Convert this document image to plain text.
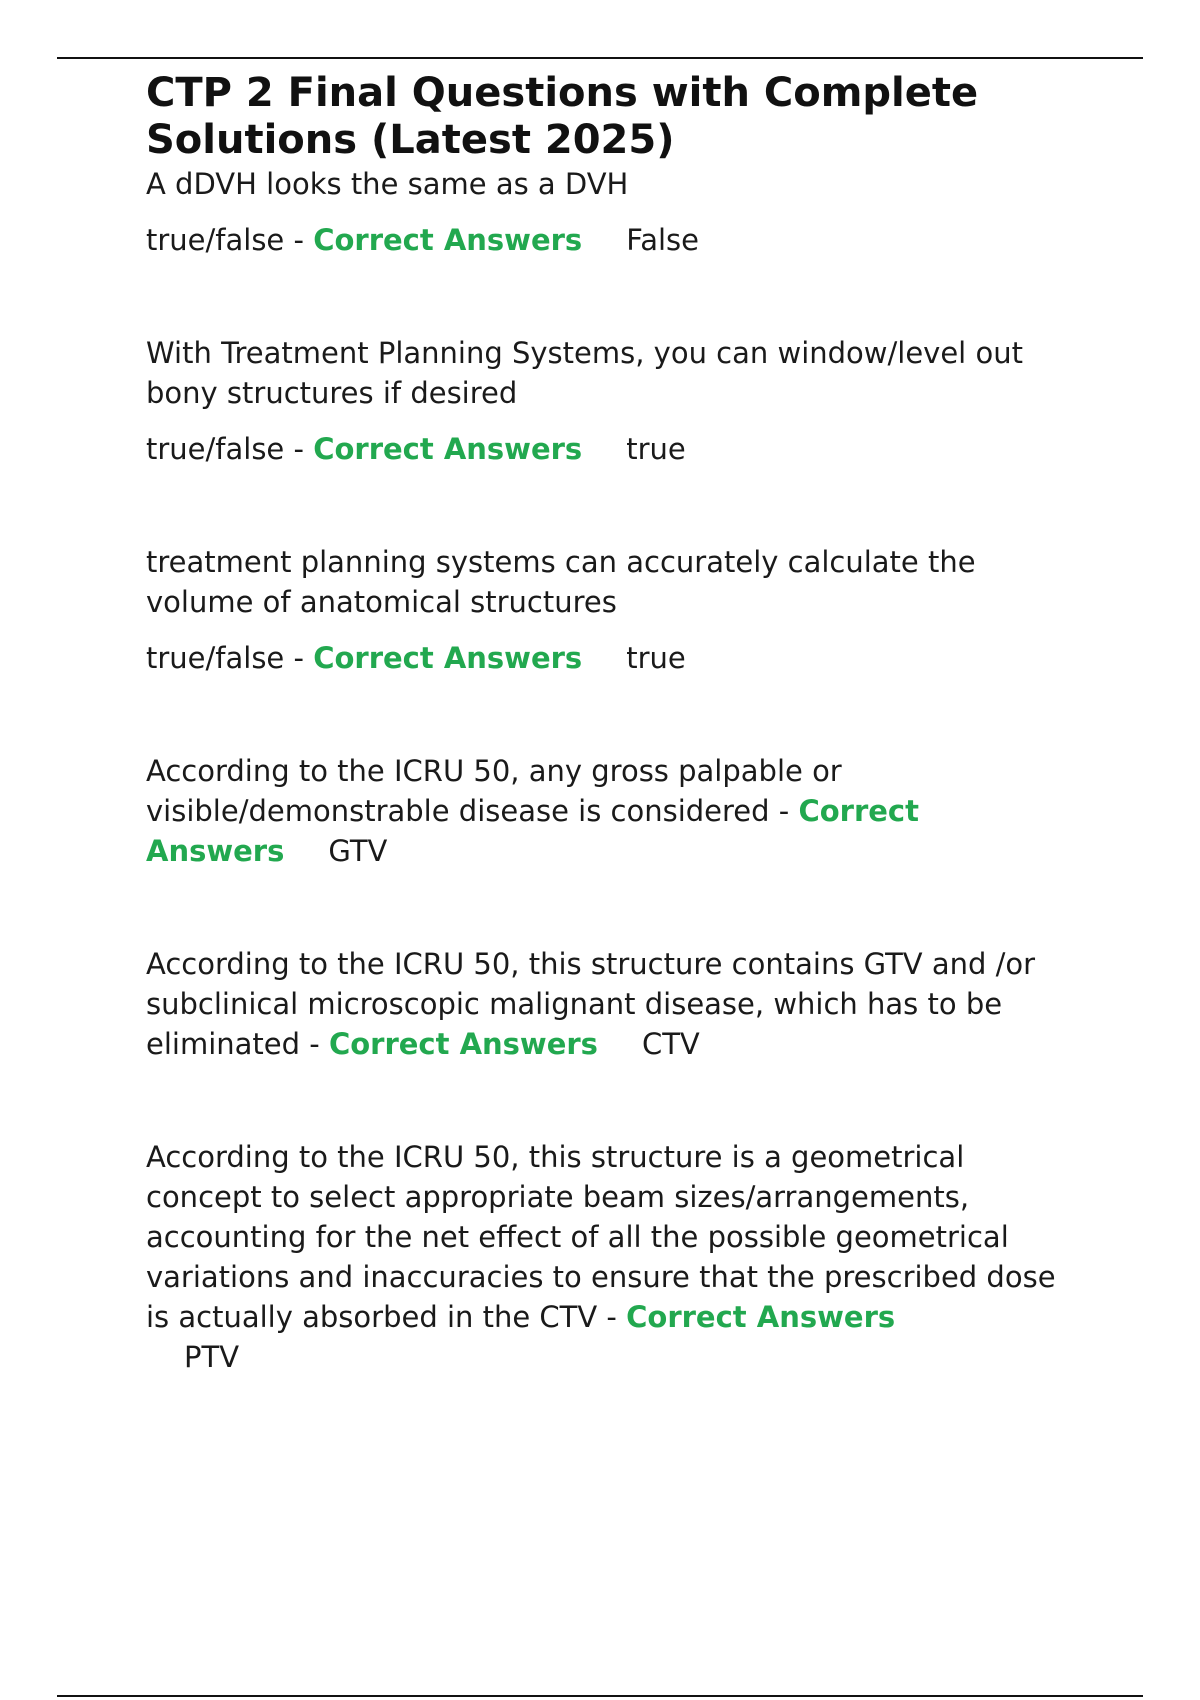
CTP 2 Final Questions with Complete Solutions (Latest 2025)

A dDVH looks the same as a DVH

true/false - Correct Answers False

With Treatment Planning Systems, you can window/level out bony structures if desired

true/false - Correct Answers true

treatment planning systems can accurately calculate the volume of anatomical structures

true/false - Correct Answers true

According to the ICRU 50, any gross palpable or visible/demonstrable disease is considered - Correct Answers GTV

According to the ICRU 50, this structure contains GTV and /or subclinical microscopic malignant disease, which has to be eliminated - Correct Answers CTV

According to the ICRU 50, this structure is a geometrical concept to select appropriate beam sizes/arrangements, accounting for the net effect of all the possible geometrical variations and inaccuracies to ensure that the prescribed dose is actually absorbed in the CTV - Correct Answers
PTV
